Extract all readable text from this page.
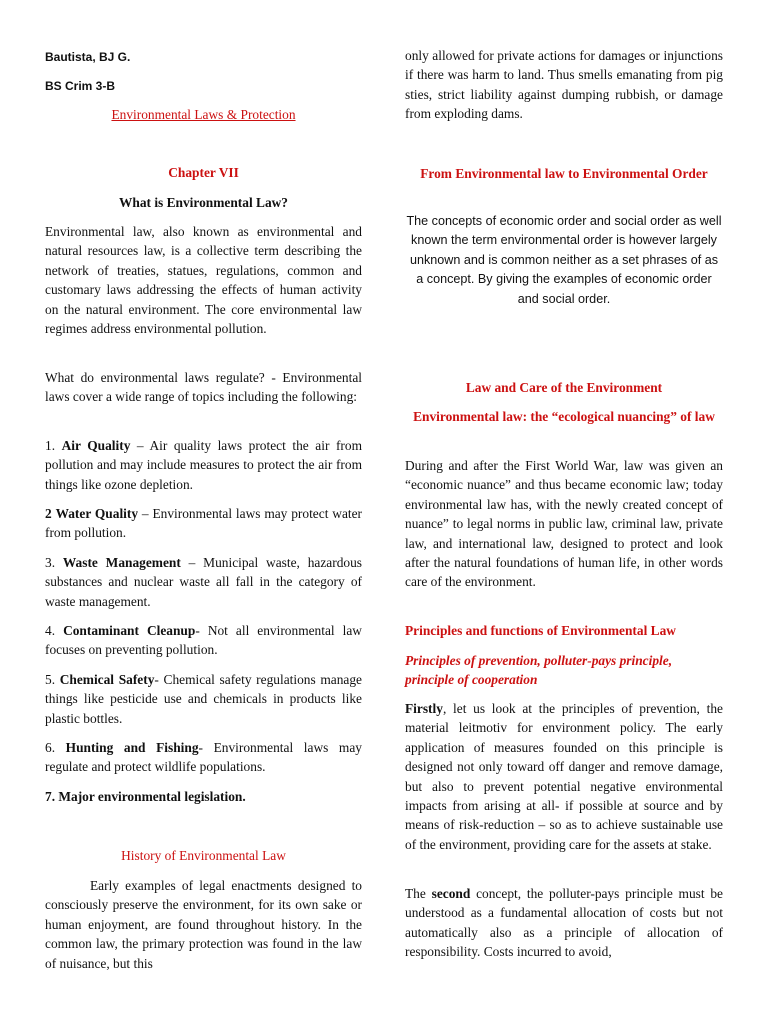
Bautista, BJ G.

BS Crim 3-B

Environmental Laws & Protection

Chapter VII

What is Environmental Law?

Environmental law, also known as environmental and natural resources law, is a collective term describing the network of treaties, statues, regulations, common and customary laws addressing the effects of human activity on the natural environment. The core environmental law regimes address environmental pollution.

What do environmental laws regulate? - Environmental laws cover a wide range of topics including the following:

1. Air Quality – Air quality laws protect the air from pollution and may include measures to protect the air from things like ozone depletion.

2 Water Quality – Environmental laws may protect water from pollution.

3. Waste Management – Municipal waste, hazardous substances and nuclear waste all fall in the category of waste management.

4. Contaminant Cleanup- Not all environmental law focuses on preventing pollution.

5. Chemical Safety- Chemical safety regulations manage things like pesticide use and chemicals in products like plastic bottles.

6. Hunting and Fishing- Environmental laws may regulate and protect wildlife populations.

7. Major environmental legislation.

History of Environmental Law

Early examples of legal enactments designed to consciously preserve the environment, for its own sake or human enjoyment, are found throughout history. In the common law, the primary protection was found in the law of nuisance, but this

only allowed for private actions for damages or injunctions if there was harm to land. Thus smells emanating from pig sties, strict liability against dumping rubbish, or damage from exploding dams.

From Environmental law to Environmental Order

The concepts of economic order and social order as well known the term environmental order is however largely unknown and is common neither as a set phrases of as a concept. By giving the examples of economic order and social order.

Law and Care of the Environment

Environmental law: the “ecological nuancing” of law

During and after the First World War, law was given an “economic nuance” and thus became economic law; today environmental law has, with the newly created concept of nuance” to legal norms in public law, criminal law, private law, and international law, designed to protect and look after the natural foundations of human life, in other words care of the environment.

Principles and functions of Environmental Law

Principles of prevention, polluter-pays principle, principle of cooperation

Firstly, let us look at the principles of prevention, the material leitmotiv for environment policy. The early application of measures founded on this principle is designed not only toward off danger and remove damage, but also to prevent potential negative environmental impacts from arising at all- if possible at source and by means of risk-reduction – so as to achieve sustainable use of the environment, providing care for the assets at stake.

The second concept, the polluter-pays principle must be understood as a fundamental allocation of costs but not automatically also as a principle of allocation of responsibility. Costs incurred to avoid,
